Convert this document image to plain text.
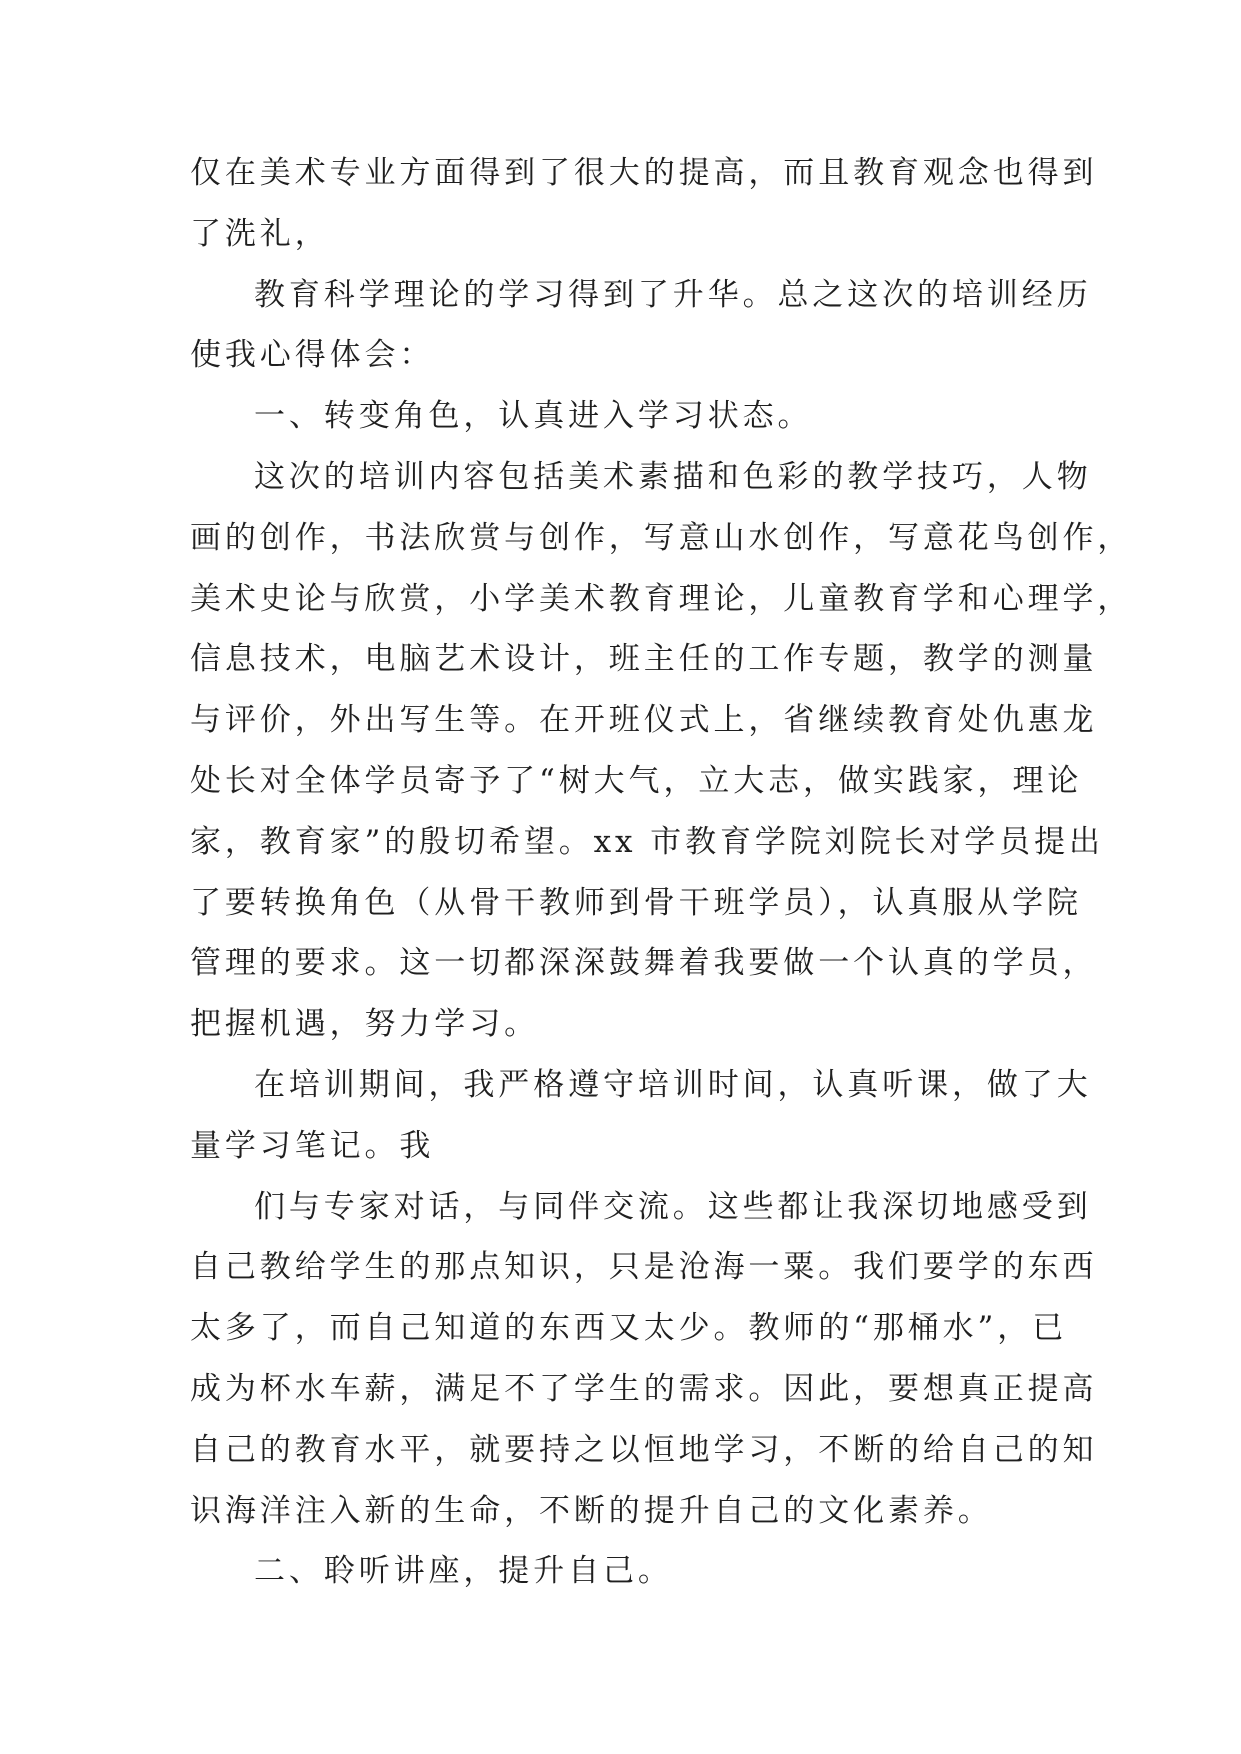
仅在美术专业方面得到了很大的提高，而且教育观念也得到
了洗礼，
教育科学理论的学习得到了升华。总之这次的培训经历
使我心得体会：
一、转变角色，认真进入学习状态。
这次的培训内容包括美术素描和色彩的教学技巧，人物
画的创作，书法欣赏与创作，写意山水创作，写意花鸟创作，
美术史论与欣赏，小学美术教育理论，儿童教育学和心理学，
信息技术，电脑艺术设计，班主任的工作专题，教学的测量
与评价，外出写生等。在开班仪式上，省继续教育处仇惠龙
处长对全体学员寄予了“树大气，立大志，做实践家，理论
家，教育家”的殷切希望。xx 市教育学院刘院长对学员提出
了要转换角色（从骨干教师到骨干班学员），认真服从学院
管理的要求。这一切都深深鼓舞着我要做一个认真的学员，
把握机遇，努力学习。
在培训期间，我严格遵守培训时间，认真听课，做了大
量学习笔记。我
们与专家对话，与同伴交流。这些都让我深切地感受到
自己教给学生的那点知识，只是沧海一粟。我们要学的东西
太多了，而自己知道的东西又太少。教师的“那桶水”，已
成为杯水车薪，满足不了学生的需求。因此，要想真正提高
自己的教育水平，就要持之以恒地学习，不断的给自己的知
识海洋注入新的生命，不断的提升自己的文化素养。
二、聆听讲座，提升自己。
